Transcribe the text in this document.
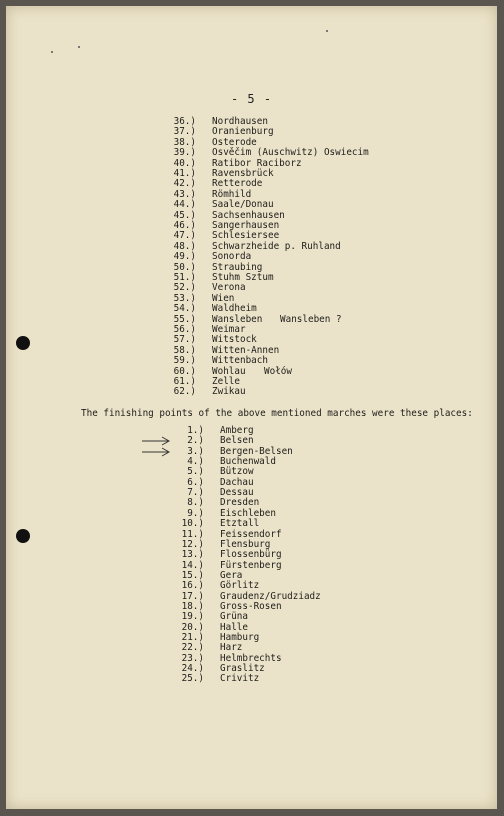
- 5 -
36.) Nordhausen
37.) Oranienburg
38.) Osterode
39.) Osvěčim (Auschwitz) Oswiecim
40.) Ratibor Raciborz
41.) Ravensbrück
42.) Retterode
43.) Römhild
44.) Saale/Donau
45.) Sachsenhausen
46.) Sangerhausen
47.) Schlesiersee
48.) Schwarzheide p. Ruhland
49.) Sonorda
50.) Straubing
51.) Stuhm Sztum
52.) Verona
53.) Wien
54.) Waldheim
55.) Wansleben Wansleben ?
56.) Weimar
57.) Witstock
58.) Witten-Annen
59.) Wittenbach
60.) Wohlau Wołów
61.) Zelle
62.) Zwikau
The finishing points of the above mentioned marches were these places:
1.) Amberg
2.) Belsen
3.) Bergen-Belsen
4.) Buchenwald
5.) Bützow
6.) Dachau
7.) Dessau
8.) Dresden
9.) Eischleben
10.) Etztall
11.) Feissendorf
12.) Flensburg
13.) Flossenbürg
14.) Fürstenberg
15.) Gera
16.) Görlitz
17.) Graudenz/Grudziadz
18.) Gross-Rosen
19.) Grüna
20.) Halle
21.) Hamburg
22.) Harz
23.) Helmbrechts
24.) Graslitz
25.) Crivitz
